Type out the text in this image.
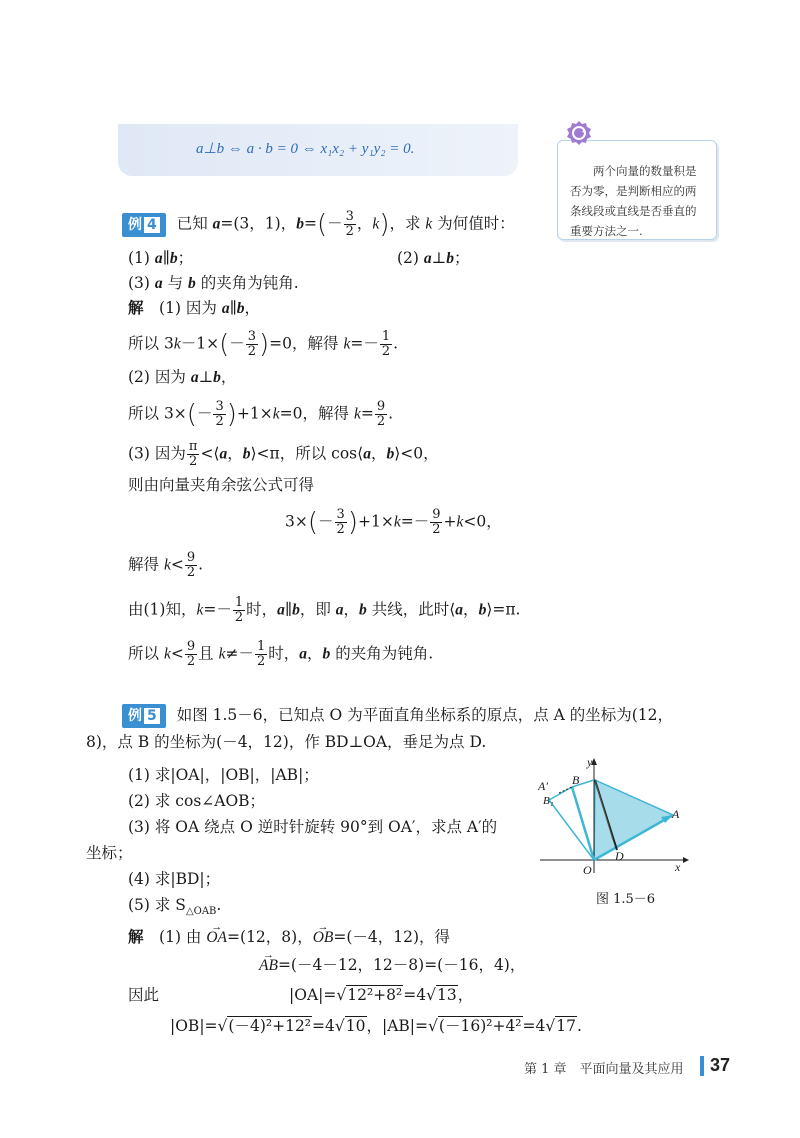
a⊥b ⇔ a · b = 0 ⇔ x₁x₂ + y₁y₂ = 0.
两个向量的数量积是否为零，是判断相应的两条线段或直线是否垂直的重要方法之一.
例 4 已知 a=(3，1)，$b=(- \frac{3}{2}$ ，k)，求 k 为何值时：
(1) a∥b；	(2) a⊥b；
(3) a 与 b 的夹角为钝角.
解　 (1) 因为 a∥b，
所以 $3k-1\times(- \frac{3}{2} )=0$，解得 $k=- \frac{1}{2}$ .
(2) 因为 a⊥b，
所以 $3\times(- \frac{3}{2} )+1\times k=0$，解得 $k= \frac{9}{2}$ .
(3) 因为 $\frac{\pi}{2}$ <⟨a，b⟩<π，所以 cos⟨a，b⟩<0，
则由向量夹角余弦公式可得
$3\times(- \frac{3}{2} )+1\times k=- \frac{9}{2} +k<0$，
解得 $k< \frac{9}{2}$ .
由(1)知，$k=- \frac{1}{2}$ 时，a∥b，即 a，b 共线，此时⟨a，b⟩=π.
所以 $k< \frac{9}{2}$ 且 $k\ne- \frac{1}{2}$ 时，a，b 的夹角为钝角.
例 5 如图 1.5－6，已知点 O 为平面直角坐标系的原点，点 A 的坐标为(12，
8)，点 B 的坐标为(－4，12)，作 BD⊥OA，垂足为点 D.
(1) 求|OA|，|OB|，|AB|；
(2) 求 cos∠AOB；
(3) 将 OA 绕点 O 逆时针旋转 90°到 OA′，求点 A′的
坐标；
(4) 求|BD|；
(5) 求 $S_{\triangle OAB}$.
解　 (1) 由 → OA=(12，8)，→ OB=(－4，12)，得
→ AB=(－4－12，12－8)=(－16，4)，
因此	|OA|=√12²+8²=4√13，
|OB|=√(－4)²+12²=4√10，|AB|=√(－16)²+4²=4√17.
y
x
O
A
B
A′
B₁
D
图 1.5－6
第 1 章　平面向量及其应用 37
